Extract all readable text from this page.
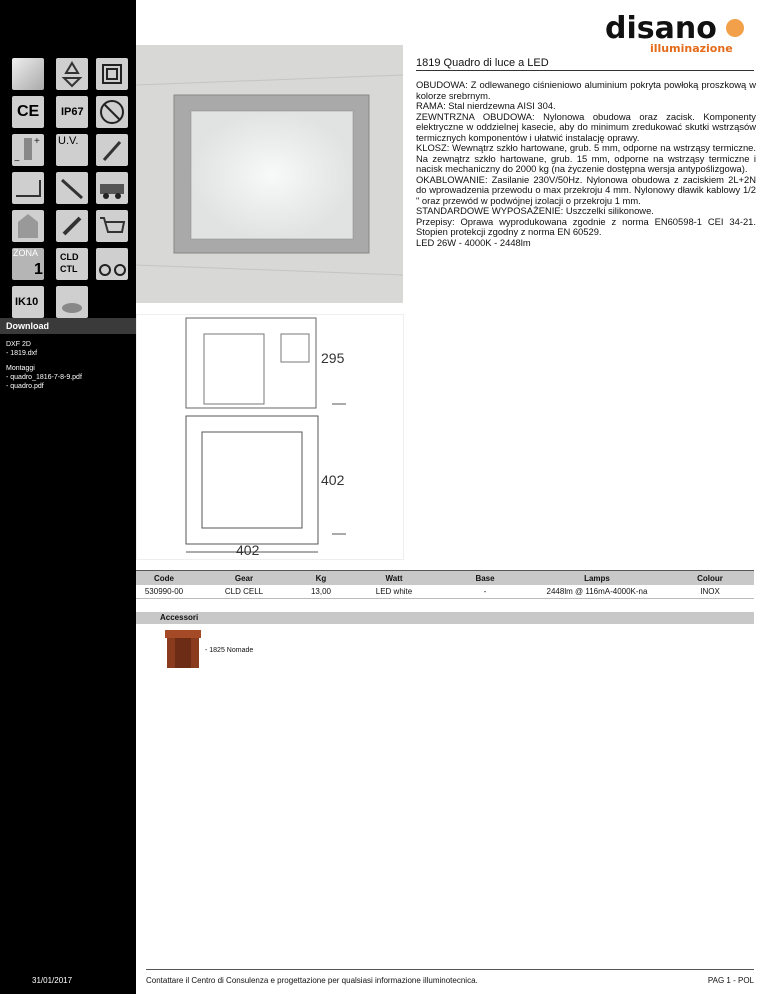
CE IP67
+
−
U.V.
ZONA
1
CLD
CTL
IK10
Download
DXF 2D
- 1819.dxf
Montaggi
- quadro_1816-7-8-9.pdf
- quadro.pdf
31/01/2017
disano
illuminazione
1819 Quadro di luce a LED
OBUDOWA: Z odlewanego ciśnieniowo aluminium pokryta powłoką proszkową w kolorze srebrnym.
RAMA: Stal nierdzewna AISI 304.
ZEWNTRZNA OBUDOWA: Nylonowa obudowa oraz zacisk. Komponenty elektryczne w oddzielnej kasecie, aby do minimum zredukować skutki wstrząsów termicznych komponentów i ułatwić instalację oprawy.
KLOSZ: Wewnątrz szkło hartowane, grub. 5 mm, odporne na wstrząsy termiczne. Na zewnątrz szkło hartowane, grub. 15 mm, odporne na wstrząsy termiczne i nacisk mechaniczny do 2000 kg (na życzenie dostępna wersja antypoślizgowa).
OKABLOWANIE: Zasilanie 230V/50Hz. Nylonowa obudowa z zaciskiem 2L+2N do wprowadzenia przewodu o max przekroju 4 mm. Nylonowy dławik kablowy 1/2 " oraz przewód w podwójnej izolacji o przekroju 1 mm.
STANDARDOWE WYPOSAŻENIE: Uszczelki silikonowe.
Przepisy: Oprawa wyprodukowana zgodnie z norma EN60598-1 CEI 34-21. Stopien protekcji zgodny z norma EN 60529.
LED 26W - 4000K - 2448lm
295
402
402
Code	Gear	Kg	Watt	Base	Lamps	Colour
530990-00	CLD CELL	13,00	LED white	-	2448lm @ 116mA-4000K-na	INOX
Accessori
- 1825 Nomade
Contattare il Centro di Consulenza e progettazione per qualsiasi informazione illuminotecnica.	PAG 1 - POL
